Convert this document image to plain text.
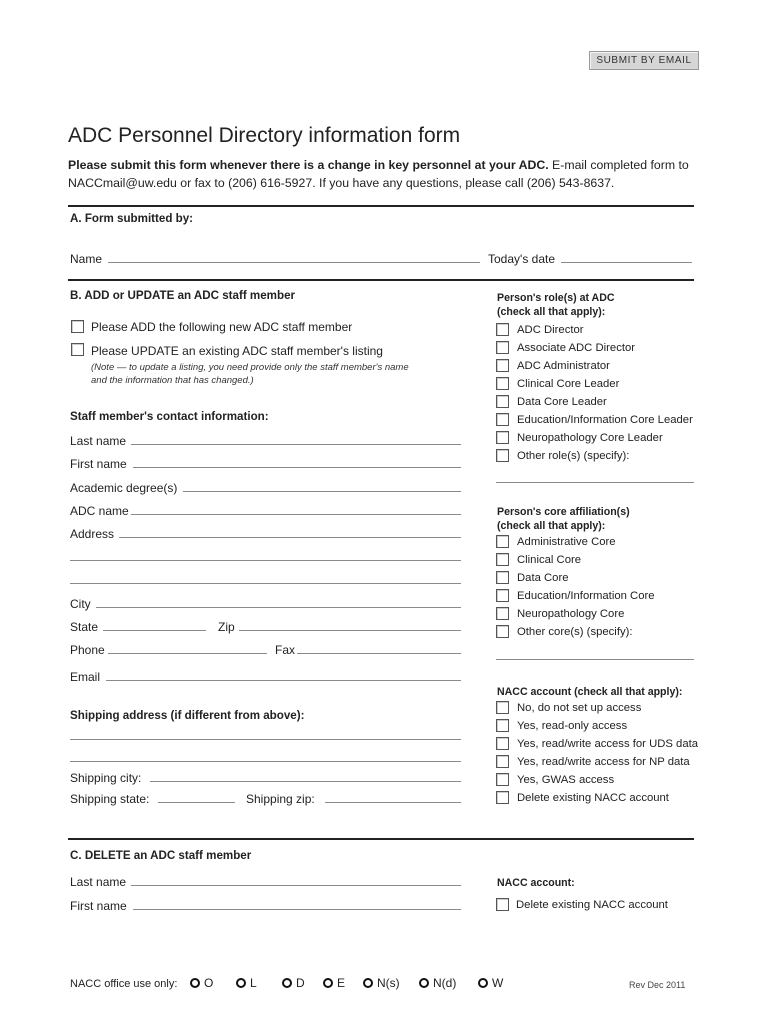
SUBMIT BY EMAIL
ADC Personnel Directory information form
Please submit this form whenever there is a change in key personnel at your ADC. E-mail completed form to
NACCmail@uw.edu or fax to (206) 616-5927. If you have any questions, please call (206) 543-8637.
A. Form submitted by:
Name	Today's date
B. ADD or UPDATE an ADC staff member
Please ADD the following new ADC staff member
Please UPDATE an existing ADC staff member's listing
(Note — to update a listing, you need provide only the staff member's name
and the information that has changed.)
Staff member's contact information:
Last name
First name
Academic degree(s)
ADC name
Address
City
State	Zip
Phone	Fax
Email
Shipping address (if different from above):
Shipping city:
Shipping state:	Shipping zip:
Person's role(s) at ADC
(check all that apply):
ADC Director
Associate ADC Director
ADC Administrator
Clinical Core Leader
Data Core Leader
Education/Information Core Leader
Neuropathology Core Leader
Other role(s) (specify):
Person's core affiliation(s)
(check all that apply):
Administrative Core
Clinical Core
Data Core
Education/Information Core
Neuropathology Core
Other core(s) (specify):
NACC account (check all that apply):
No, do not set up access
Yes, read-only access
Yes, read/write access for UDS data
Yes, read/write access for NP data
Yes, GWAS access
Delete existing NACC account
C. DELETE an ADC staff member
Last name
First name
NACC account:
Delete existing NACC account
NACC office use only:	O	L	D	E	N(s)	N(d)	W	Rev Dec 2011
